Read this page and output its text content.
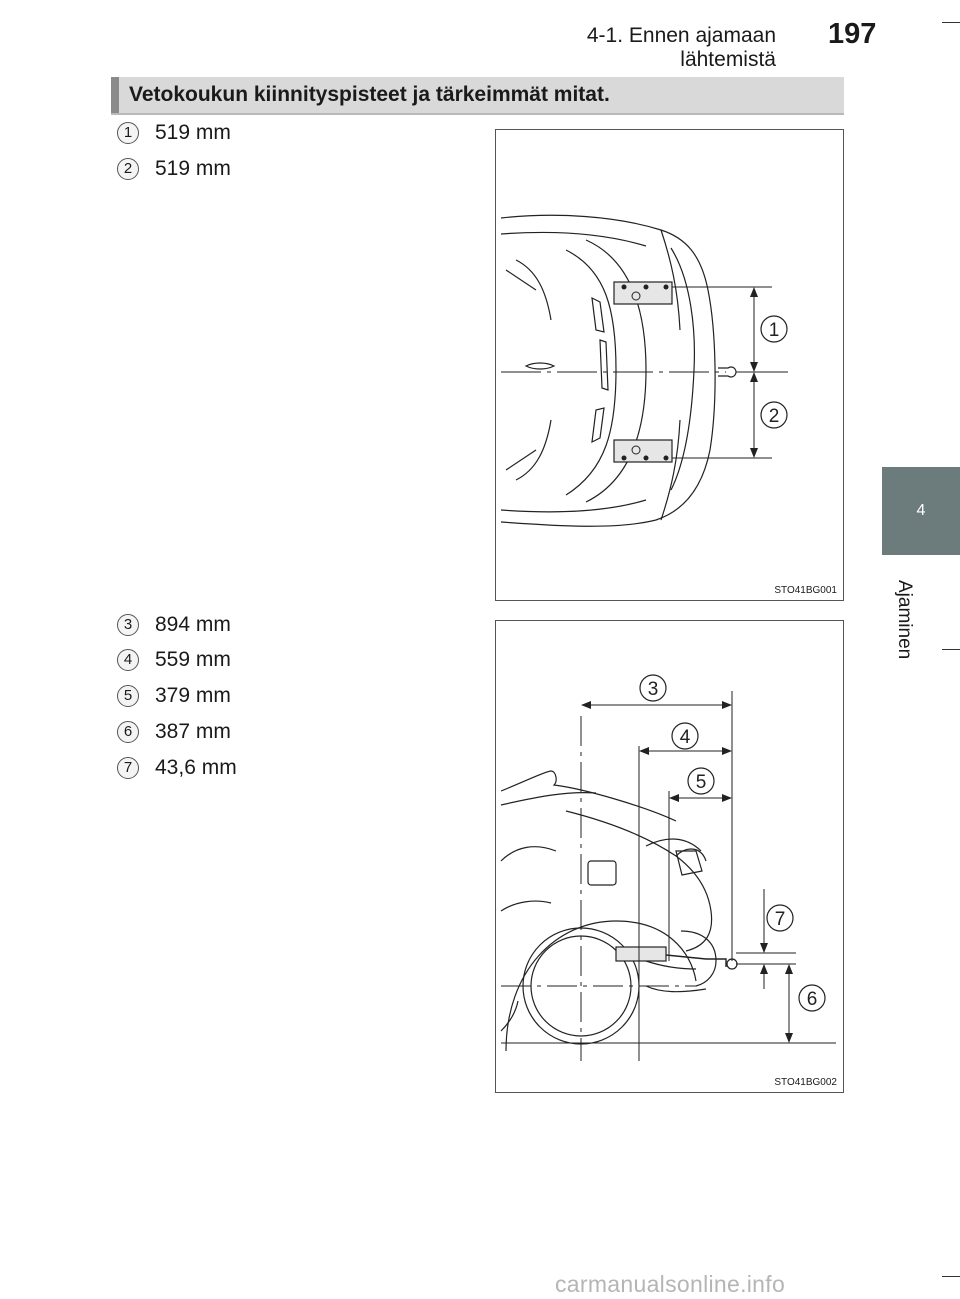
4-1. Ennen ajamaan lähtemistä
197
Vetokoukun kiinnityspisteet ja tärkeimmät mitat.
4
Ajaminen
1	519 mm
2	519 mm
3	894 mm
4	559 mm
5	379 mm
6	387 mm
7	43,6 mm
1
2
STO41BG001
3
4
5
7
6
STO41BG002
carmanualsonline.info
